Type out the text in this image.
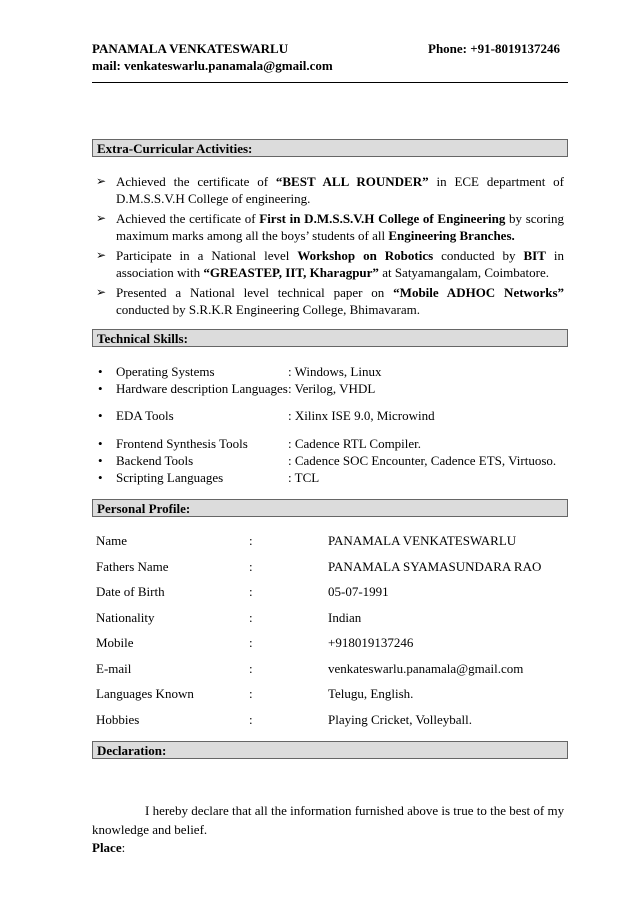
PANAMALA VENKATESWARLU	Phone: +91-8019137246
mail: venkateswarlu.panamala@gmail.com
Extra-Curricular Activities:
➢ Achieved the certificate of “BEST ALL ROUNDER” in ECE department of D.M.S.S.V.H College of engineering.
➢ Achieved the certificate of First in D.M.S.S.V.H College of Engineering by scoring maximum marks among all the boys’ students of all Engineering Branches.
➢ Participate in a National level Workshop on Robotics conducted by BIT in association with “GREASTEP, IIT, Kharagpur” at Satyamangalam, Coimbatore.
➢ Presented a National level technical paper on “Mobile ADHOC Networks” conducted by S.R.K.R Engineering College, Bhimavaram.
Technical Skills:
• Operating Systems	: Windows, Linux
• Hardware description Languages : Verilog, VHDL
• EDA Tools	: Xilinx ISE 9.0, Microwind
• Frontend Synthesis Tools	: Cadence RTL Compiler.
• Backend Tools	: Cadence SOC Encounter, Cadence ETS, Virtuoso.
• Scripting Languages	: TCL
Personal Profile:
Name	:	PANAMALA VENKATESWARLU
Fathers Name	:	PANAMALA SYAMASUNDARA RAO
Date of Birth	:	05-07-1991
Nationality	:	Indian
Mobile	:	+918019137246
E-mail	:	venkateswarlu.panamala@gmail.com
Languages Known	:	Telugu, English.
Hobbies	:	Playing Cricket, Volleyball.
Declaration:
I hereby declare that all the information furnished above is true to the best of my knowledge and belief.
Place:
